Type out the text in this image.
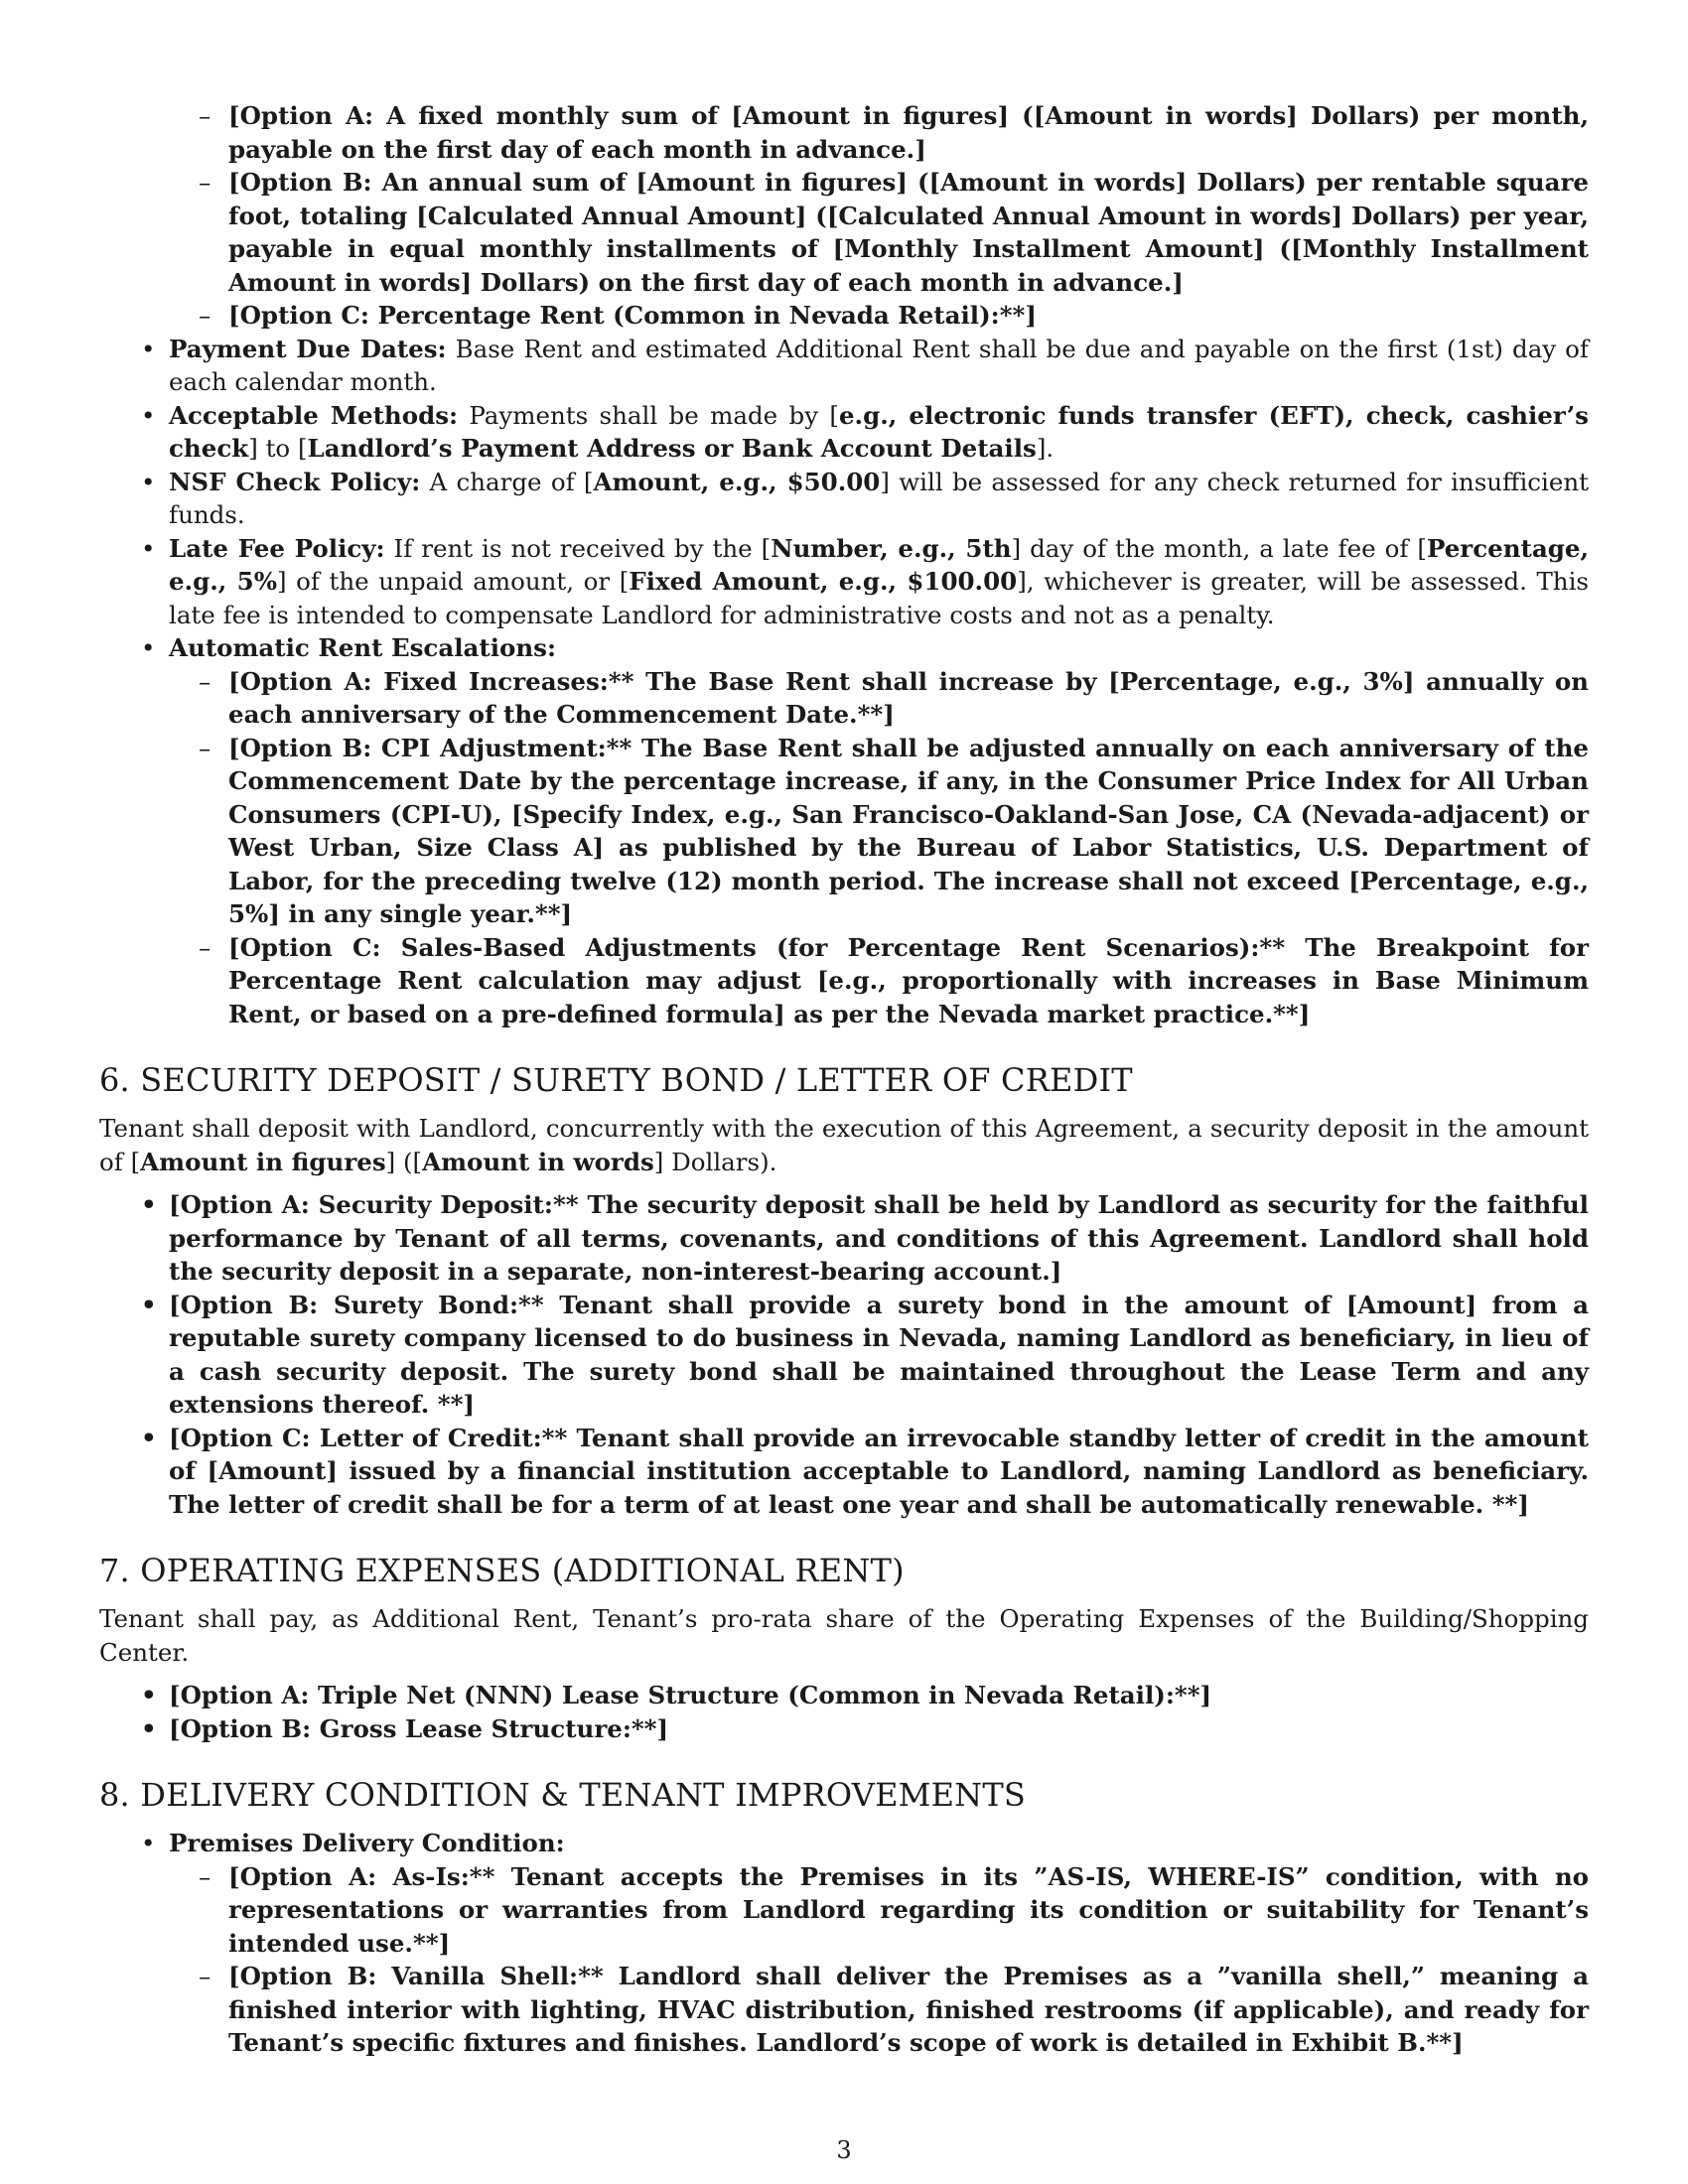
– [Option A: A fixed monthly sum of [Amount in figures] ([Amount in words] Dollars) per month, payable on the first day of each month in advance.]
– [Option B: An annual sum of [Amount in figures] ([Amount in words] Dollars) per rentable square foot, totaling [Calculated Annual Amount] ([Calculated Annual Amount in words] Dollars) per year, payable in equal monthly installments of [Monthly Installment Amount] ([Monthly Installment Amount in words] Dollars) on the first day of each month in advance.]
– [Option C: Percentage Rent (Common in Nevada Retail):**]
• Payment Due Dates: Base Rent and estimated Additional Rent shall be due and payable on the first (1st) day of each calendar month.
• Acceptable Methods: Payments shall be made by [e.g., electronic funds transfer (EFT), check, cashier’s check] to [Landlord’s Payment Address or Bank Account Details].
• NSF Check Policy: A charge of [Amount, e.g., $50.00] will be assessed for any check returned for insufficient funds.
• Late Fee Policy: If rent is not received by the [Number, e.g., 5th] day of the month, a late fee of [Percentage, e.g., 5%] of the unpaid amount, or [Fixed Amount, e.g., $100.00], whichever is greater, will be assessed. This late fee is intended to compensate Landlord for administrative costs and not as a penalty.
• Automatic Rent Escalations:
– [Option A: Fixed Increases:** The Base Rent shall increase by [Percentage, e.g., 3%] annually on each anniversary of the Commencement Date.**]
– [Option B: CPI Adjustment:** The Base Rent shall be adjusted annually on each anniversary of the Commencement Date by the percentage increase, if any, in the Consumer Price Index for All Urban Consumers (CPI-U), [Specify Index, e.g., San Francisco-Oakland-San Jose, CA (Nevada-adjacent) or West Urban, Size Class A] as published by the Bureau of Labor Statistics, U.S. Department of Labor, for the preceding twelve (12) month period. The increase shall not exceed [Percentage, e.g., 5%] in any single year.**]
– [Option C: Sales-Based Adjustments (for Percentage Rent Scenarios):** The Breakpoint for Percentage Rent calculation may adjust [e.g., proportionally with increases in Base Minimum Rent, or based on a pre-defined formula] as per the Nevada market practice.**]
6. SECURITY DEPOSIT / SURETY BOND / LETTER OF CREDIT

Tenant shall deposit with Landlord, concurrently with the execution of this Agreement, a security deposit in the amount of [Amount in figures] ([Amount in words] Dollars).

• [Option A: Security Deposit:** The security deposit shall be held by Landlord as security for the faithful performance by Tenant of all terms, covenants, and conditions of this Agreement. Landlord shall hold the security deposit in a separate, non-interest-bearing account.]
• [Option B: Surety Bond:** Tenant shall provide a surety bond in the amount of [Amount] from a reputable surety company licensed to do business in Nevada, naming Landlord as beneficiary, in lieu of a cash security deposit. The surety bond shall be maintained throughout the Lease Term and any extensions thereof. **]
• [Option C: Letter of Credit:** Tenant shall provide an irrevocable standby letter of credit in the amount of [Amount] issued by a financial institution acceptable to Landlord, naming Landlord as beneficiary. The letter of credit shall be for a term of at least one year and shall be automatically renewable. **]
7. OPERATING EXPENSES (ADDITIONAL RENT)

Tenant shall pay, as Additional Rent, Tenant’s pro-rata share of the Operating Expenses of the Building/Shopping Center.

• [Option A: Triple Net (NNN) Lease Structure (Common in Nevada Retail):**]
• [Option B: Gross Lease Structure:**]
8. DELIVERY CONDITION & TENANT IMPROVEMENTS
• Premises Delivery Condition:
– [Option A: As-Is:** Tenant accepts the Premises in its ”AS-IS, WHERE-IS” condition, with no representations or warranties from Landlord regarding its condition or suitability for Tenant’s intended use.**]
– [Option B: Vanilla Shell:** Landlord shall deliver the Premises as a ”vanilla shell,” meaning a finished interior with lighting, HVAC distribution, finished restrooms (if applicable), and ready for Tenant’s specific fixtures and finishes. Landlord’s scope of work is detailed in Exhibit B.**]
3
